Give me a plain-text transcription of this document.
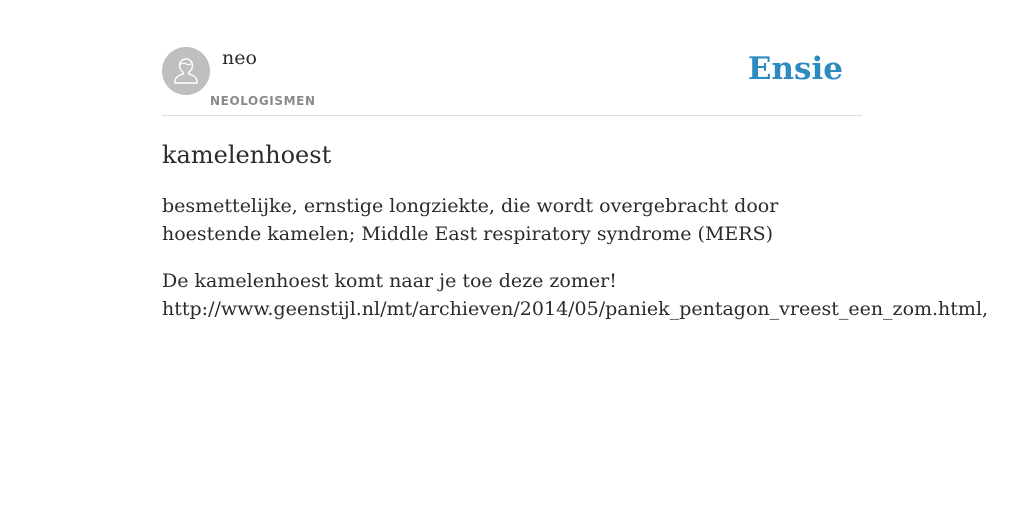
neo
NEOLOGISMEN
Ensie
kamelenhoest

besmettelijke, ernstige longziekte, die wordt overgebracht door hoestende kamelen; Middle East respiratory syndrome (MERS)

De kamelenhoest komt naar je toe deze zomer!
http://www.geenstijl.nl/mt/archieven/2014/05/paniek_pentagon_vreest_een_zom.html,
